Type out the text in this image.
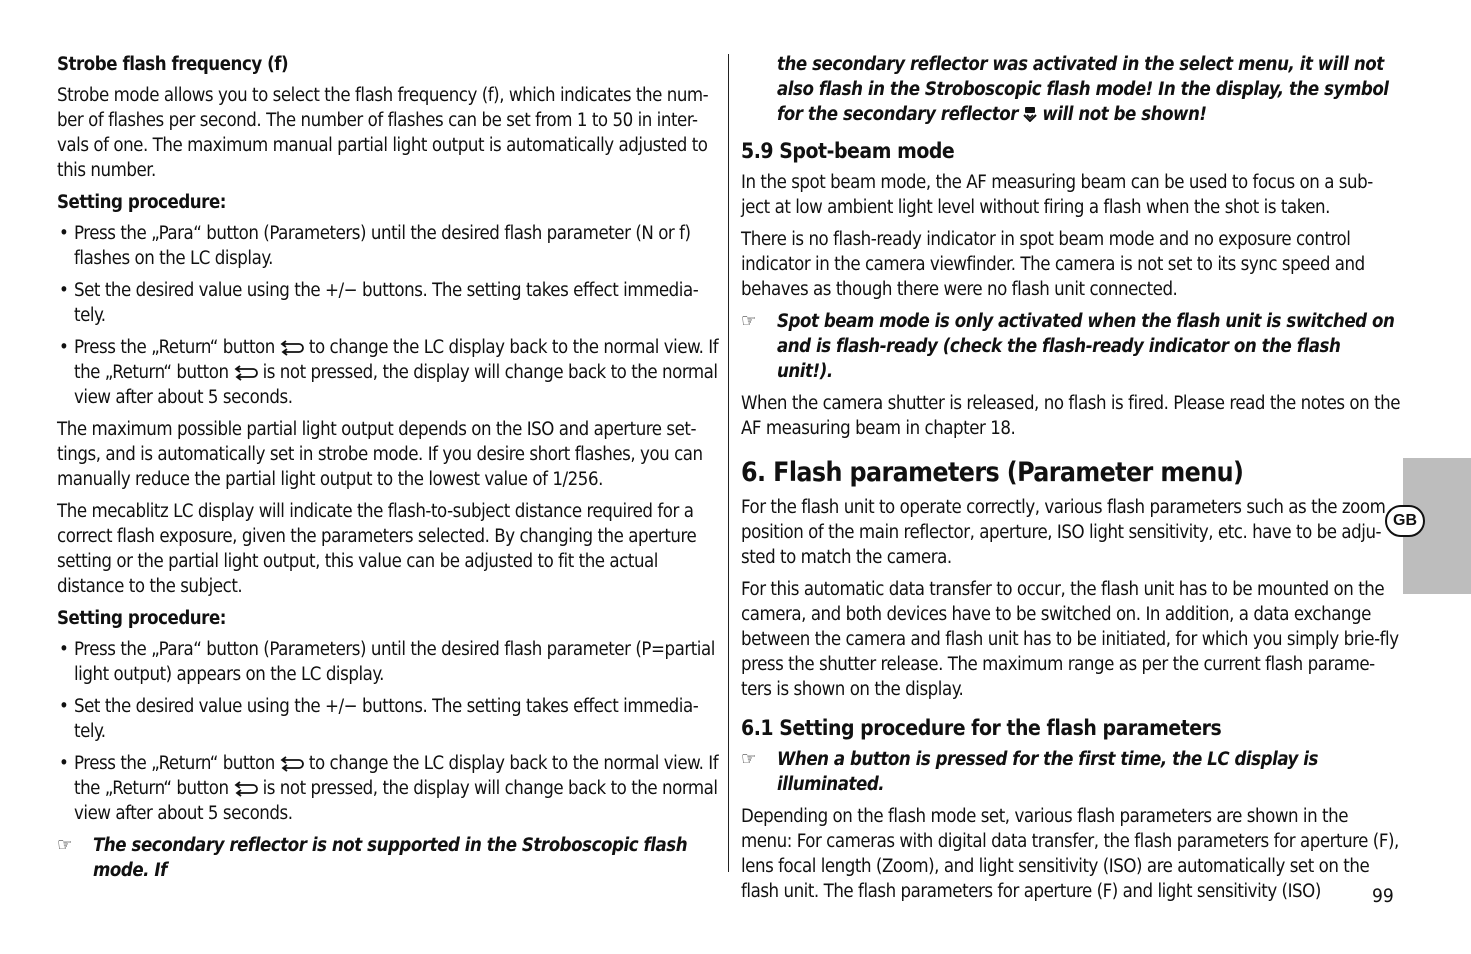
Strobe flash frequency (f)

Strobe mode allows you to select the flash frequency (f), which indicates the num-ber of flashes per second. The number of flashes can be set from 1 to 50 in inter-vals of one. The maximum manual partial light output is automatically adjusted to this number.

Setting procedure:
• Press the „Para“ button (Parameters) until the desired flash parameter (N or f) flashes on the LC display.
• Set the desired value using the +/− buttons. The setting takes effect immedia-tely.
• Press the „Return“ button to change the LC display back to the normal view. If the „Return“ button is not pressed, the display will change back to the normal view after about 5 seconds.

The maximum possible partial light output depends on the ISO and aperture set-tings, and is automatically set in strobe mode. If you desire short flashes, you can manually reduce the partial light output to the lowest value of 1/256.

The mecablitz LC display will indicate the flash-to-subject distance required for a correct flash exposure, given the parameters selected. By changing the aperture setting or the partial light output, this value can be adjusted to fit the actual distance to the subject.

Setting procedure:
• Press the „Para“ button (Parameters) until the desired flash parameter (P=partial light output) appears on the LC display.
• Set the desired value using the +/− buttons. The setting takes effect immedia-tely.
• Press the „Return“ button to change the LC display back to the normal view. If the „Return“ button is not pressed, the display will change back to the normal view after about 5 seconds.
☞ The secondary reflector is not supported in the Stroboscopic flash mode. If
the secondary reflector was activated in the select menu, it will not also flash in the Stroboscopic flash mode! In the display, the symbol for the secondary reflector will not be shown!
5.9 Spot-beam mode

In the spot beam mode, the AF measuring beam can be used to focus on a sub-ject at low ambient light level without firing a flash when the shot is taken.

There is no flash-ready indicator in spot beam mode and no exposure control indicator in the camera viewfinder. The camera is not set to its sync speed and behaves as though there were no flash unit connected.

☞ Spot beam mode is only activated when the flash unit is switched on and is flash-ready (check the flash-ready indicator on the flash unit!).

When the camera shutter is released, no flash is fired. Please read the notes on the AF measuring beam in chapter 18.

6. Flash parameters (Parameter menu)

For the flash unit to operate correctly, various flash parameters such as the zoom position of the main reflector, aperture, ISO light sensitivity, etc. have to be adju-sted to match the camera.

For this automatic data transfer to occur, the flash unit has to be mounted on the camera, and both devices have to be switched on. In addition, a data exchange between the camera and flash unit has to be initiated, for which you simply brie-fly press the shutter release. The maximum range as per the current flash parame-ters is shown on the display.

6.1 Setting procedure for the flash parameters
☞ When a button is pressed for the first time, the LC display is illuminated.

Depending on the flash mode set, various flash parameters are shown in the menu: For cameras with digital data transfer, the flash parameters for aperture (F), lens focal length (Zoom), and light sensitivity (ISO) are automatically set on the flash unit. The flash parameters for aperture (F) and light sensitivity (ISO)

GB
99
